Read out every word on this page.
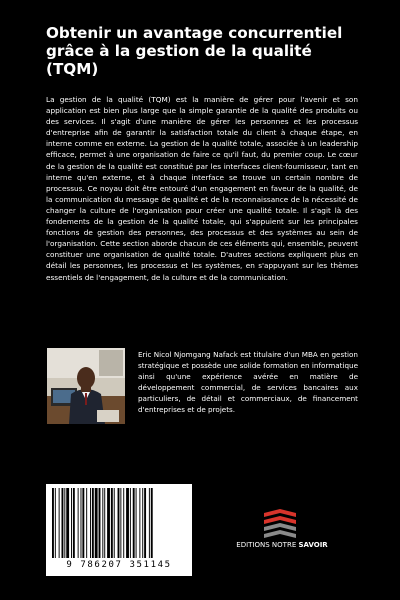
Obtenir un avantage concurrentiel grâce à la gestion de la qualité (TQM)

La gestion de la qualité (TQM) est la manière de gérer pour l'avenir et son application est bien plus large que la simple garantie de la qualité des produits ou des services. Il s'agit d'une manière de gérer les personnes et les processus d'entreprise afin de garantir la satisfaction totale du client à chaque étape, en interne comme en externe. La gestion de la qualité totale, associée à un leadership efficace, permet à une organisation de faire ce qu'il faut, du premier coup. Le cœur de la gestion de la qualité est constitué par les interfaces client-fournisseur, tant en interne qu'en externe, et à chaque interface se trouve un certain nombre de processus. Ce noyau doit être entouré d'un engagement en faveur de la qualité, de la communication du message de qualité et de la reconnaissance de la nécessité de changer la culture de l'organisation pour créer une qualité totale. Il s'agit là des fondements de la gestion de la qualité totale, qui s'appuient sur les principales fonctions de gestion des personnes, des processus et des systèmes au sein de l'organisation. Cette section aborde chacun de ces éléments qui, ensemble, peuvent constituer une organisation de qualité totale. D'autres sections expliquent plus en détail les personnes, les processus et les systèmes, en s'appuyant sur les thèmes essentiels de l'engagement, de la culture et de la communication.

Eric Nicol Njomgang Nafack est titulaire d'un MBA en gestion stratégique et possède une solide formation en informatique ainsi qu'une expérience avérée en matière de développement commercial, de services bancaires aux particuliers, de détail et commerciaux, de financement d'entreprises et de projets.

9 786207 351145
EDITIONS NOTRE SAVOIR
